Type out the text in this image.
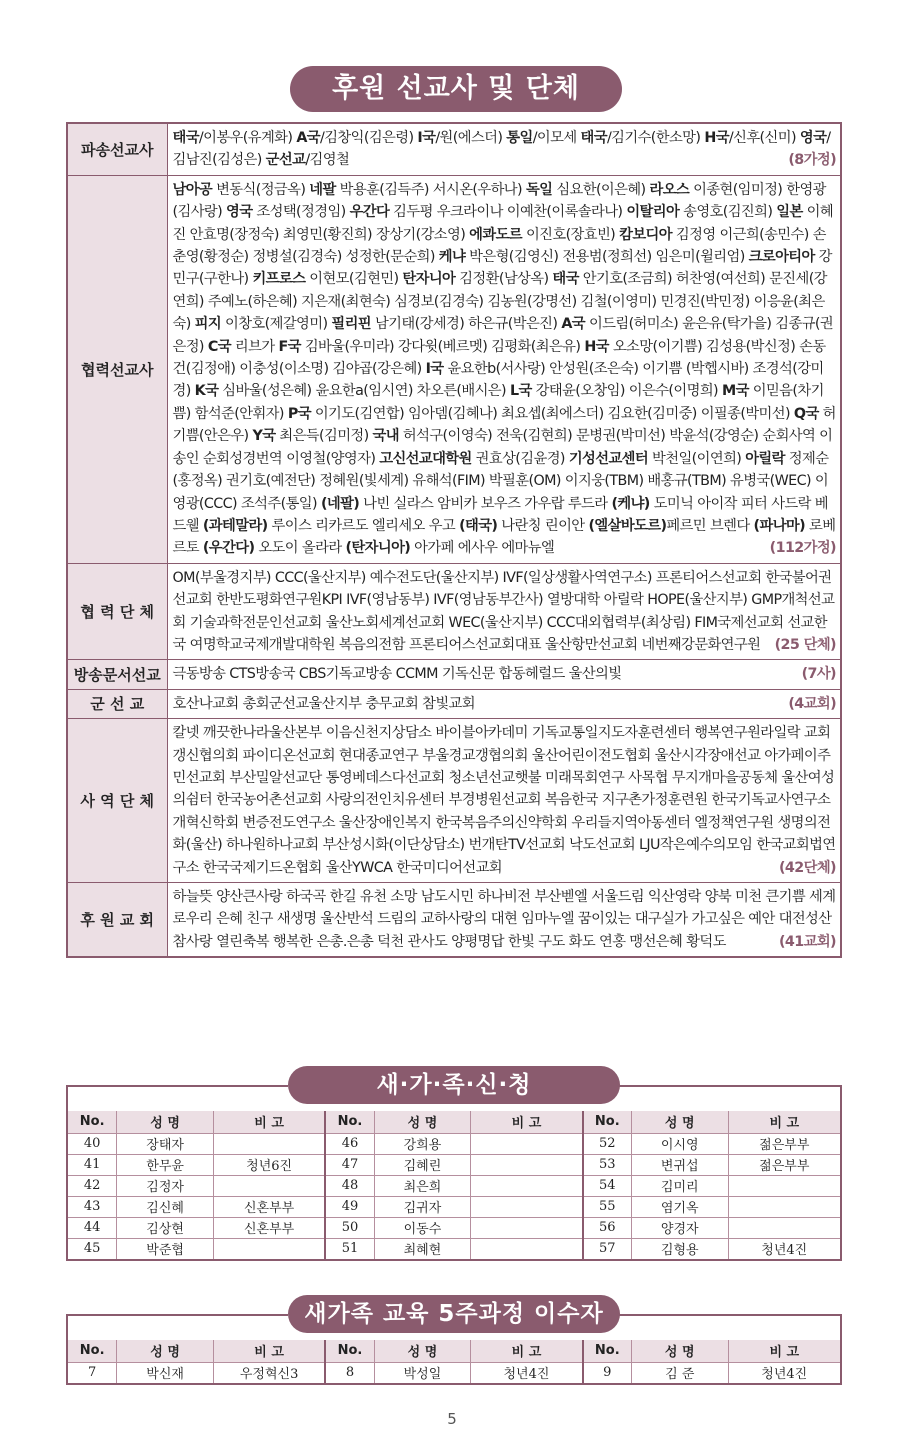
후원 선교사 및 단체
파송선교사	태국/이봉우(유계화) A국/김창익(김은령) I국/원(에스더) 통일/이모세 태국/김기수(한소망) H국/신후(신미) 영국/김남진(김성은) 군선교/김영철 (8가정)

협력선교사	남아공 변동식(정금옥) 네팔 박용훈(김득주) 서시온(우하나) 독일 심요한(이은혜) 라오스 이종현(임미정) 한영광(김사랑) 영국 조성택(정경임) 우간다 김두평 우크라이나 이예찬(이록솔라나) 이탈리아 송영호(김진희) 일본 이혜진 안효명(장정숙) 최영민(황진희) 장상기(강소영) 에콰도르 이진호(장효빈) 캄보디아 김정영 이근희(송민수) 손춘영(황정순) 정병설(김경숙) 성정한(문순희) 케냐 박은형(김영신) 전용범(정희선) 임은미(윌리엄) 크로아티아 강민구(구한나) 키프로스 이현모(김현민) 탄자니아 김정환(남상옥) 태국 안기호(조금희) 허찬영(여선희) 문진세(강연희) 주예노(하은혜) 지은재(최현숙) 심경보(김경숙) 김농원(강명선) 김철(이영미) 민경진(박민정) 이응윤(최은숙) 피지 이창호(제갈영미) 필리핀 남기태(강세경) 하은규(박은진) A국 이드림(허미소) 윤은유(탁가을) 김종규(권은정) C국 리브가 F국 김바울(우미라) 강다윗(베르멧) 김평화(최은유) H국 오소망(이기쁨) 김성용(박신정) 손동건(김정애) 이충성(이소명) 김야곱(강은혜) I국 윤요한b(서사랑) 안성원(조은숙) 이기쁨 (박헵시바) 조경석(강미경) K국 심바울(성은혜) 윤요한a(임시연) 차오른(배시은) L국 강태윤(오창임) 이은수(이명희) M국 이믿음(차기쁨) 함석준(안휘자) P국 이기도(김연합) 임아뎀(김혜나) 최요셉(최에스더) 김요한(김미중) 이필종(박미선) Q국 허기쁨(안은우) Y국 최은득(김미정) 국내 허석구(이영숙) 전욱(김현희) 문병권(박미선) 박윤석(강영순) 순회사역 이송인 순회성경번역 이영철(양영자) 고신선교대학원 권효상(김윤경) 기성선교센터 박천일(이연희) 아릴락 정제순(홍정옥) 권기호(예전단) 정혜원(빛세계) 유해석(FIM) 박필훈(OM) 이지웅(TBM) 배홍규(TBM) 유병국(WEC) 이영광(CCC) 조석주(통일) (네팔) 나빈 실라스 암비카 보우즈 가우랍 루드라 (케냐) 도미닉 아이작 피터 사드락 베드웰 (과테말라) 루이스 리카르도 엘리세오 우고 (태국) 나란칭 린이안 (엘살바도르)페르민 브렌다 (파나마) 로베르토 (우간다) 오도이 올라라 (탄자니아) 아가페 에사우 에마뉴엘 (112가정)

협 력 단 체	OM(부울경지부) CCC(울산지부) 예수전도단(울산지부) IVF(일상생활사역연구소) 프론티어스선교회 한국불어권선교회 한반도평화연구원KPI IVF(영남동부) IVF(영남동부간사) 열방대학 아릴락 HOPE(울산지부) GMP개척선교회 기술과학전문인선교회 울산노회세계선교회 WEC(울산지부) CCC대외협력부(최상림) FIM국제선교회 선교한국 여명학교국제개발대학원 복음의전함 프론티어스선교회대표 울산항만선교회 네번째강문화연구원 (25 단체)

방송문서선교	극동방송 CTS방송국 CBS기독교방송 CCMM 기독신문 합동헤럴드 울산의빛 (7사)

군 선 교	호산나교회 총회군선교울산지부 충무교회 참빛교회 (4교회)

사 역 단 체	칼넷 깨끗한나라울산본부 이음신천지상담소 바이블아카데미 기독교통일지도자훈련센터 행복연구원라일락 교회갱신협의회 파이디온선교회 현대종교연구 부울경교갱협의회 울산어린이전도협회 울산시각장애선교 아가페이주민선교회 부산밀알선교단 통영베데스다선교회 청소년선교햇불 미래목회연구 사목협 무지개마을공동체 울산여성의쉼터 한국농어촌선교회 사랑의전인치유센터 부경병원선교회 복음한국 지구촌가정훈련원 한국기독교사연구소 개혁신학회 변증전도연구소 울산장애인복지 한국복음주의신약학회 우리들지역아동센터 엘정책연구원 생명의전화(울산) 하나원하나교회 부산성시화(이단상담소) 번개탄TV선교회 낙도선교회 LJU작은예수의모임 한국교회법연구소 한국국제기드온협회 울산YWCA 한국미디어선교회 (42단체)

후 원 교 회	하늘뜻 양산큰사랑 하국곡 한길 유천 소망 남도시민 하나비전 부산벧엘 서울드림 익산영락 양북 미천 큰기쁨 세계로우리 은혜 친구 새생명 울산반석 드림의 교하사랑의 대현 임마누엘 꿈이있는 대구실가 가고싶은 예안 대전성산 참사랑 열린축복 행복한 은총.은총 덕천 관사도 양평명답 한빛 구도 화도 연홍 맹선은혜 황덕도 (41교회)
No.	성 명	비 고	No.	성 명	비 고	No.	성 명	비 고
40	장태자		46	강희용		52	이시영	젊은부부
41	한무윤	청년6진	47	김혜린		53	변귀섭	젊은부부
42	김정자		48	최은희		54	김미리	
43	김신혜	신혼부부	49	김귀자		55	염기옥	
44	김상현	신혼부부	50	이동수		56	양경자	
45	박준협		51	최혜현		57	김형용	청년4진
새·가·족·신·청
No.	성 명	비 고	No.	성 명	비 고	No.	성 명	비 고
7	박신재	우정혁신3	8	박성일	청년4진	9	김 준	청년4진
새가족 교육 5주과정 이수자
5
